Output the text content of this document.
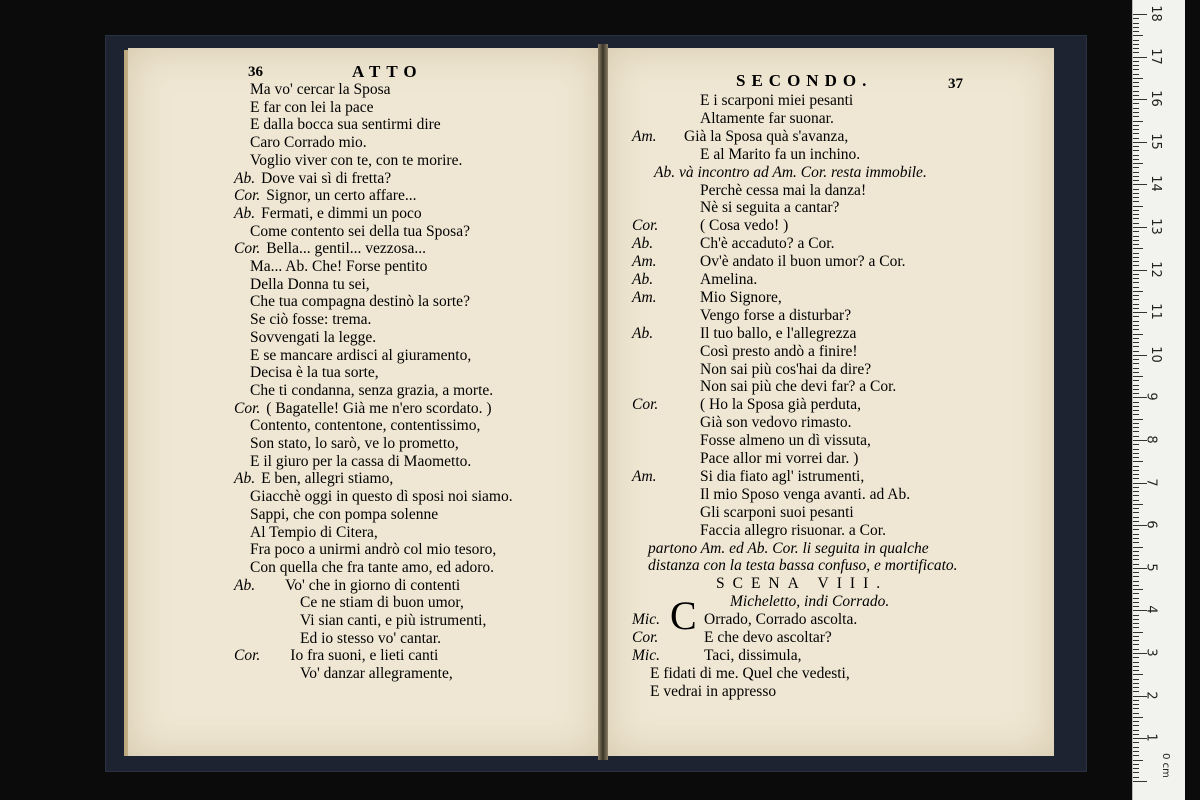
36	ATTO	SECONDO.	37
Ma vo' cercar la Sposa
E far con lei la pace
E dalla bocca sua sentirmi dire
Caro Corrado mio.
Voglio viver con te, con te morire.
Ab. Dove vai sì di fretta?
Cor. Signor, un certo affare...
Ab. Fermati, e dimmi un poco
Come contento sei della tua Sposa?
Cor. Bella... gentil... vezzosa...
Ma... Ab. Che! Forse pentito
Della Donna tu sei,
Che tua compagna destinò la sorte?
Se ciò fosse: trema.
Sovvengati la legge.
E se mancare ardisci al giuramento,
Decisa è la tua sorte,
Che ti condanna, senza grazia, a morte.
Cor. ( Bagatelle! Già me n'ero scordato. )
Contento, contentone, contentissimo,
Son stato, lo sarò, ve lo prometto,
E il giuro per la cassa di Maometto.
Ab. E ben, allegri stiamo,
Giacchè oggi in questo dì sposi noi siamo.
Sappi, che con pompa solenne
Al Tempio di Citera,
Fra poco a unirmi andrò col mio tesoro,
Con quella che fra tante amo, ed adoro.
Ab. Vo' che in giorno di contenti
Ce ne stiam di buon umor,
Vi sian canti, e più istrumenti,
Ed io stesso vo' cantar.
Cor. Io fra suoni, e lieti canti
Vo' danzar allegramente,
E i scarponi miei pesanti
Altamente far suonar.
Am. Già la Sposa quà s'avanza,
E al Marito fa un inchino.
Ab. và incontro ad Am. Cor. resta immobile.
Perchè cessa mai la danza!
Nè si seguita a cantar?
Cor.	( Cosa vedo! )
Ab.	Ch'è accaduto? a Cor.
Am.	Ov'è andato il buon umor? a Cor.
Ab.	Amelina.
Am.	Mio Signore,
Vengo forse a disturbar?
Ab.	Il tuo ballo, e l'allegrezza
Così presto andò a finire!
Non sai più cos'hai da dire?
Non sai più che devi far? a Cor.
Cor.	( Ho la Sposa già perduta,
Già son vedovo rimasto.
Fosse almeno un dì vissuta,
Pace allor mi vorrei dar. )
Am.	Si dia fiato agl' istrumenti,
Il mio Sposo venga avanti. ad Ab.
Gli scarponi suoi pesanti
Faccia allegro risuonar. a Cor.
partono Am. ed Ab. Cor. li seguita in qualche
distanza con la testa bassa confuso, e mortificato.
SCENA VIII.
Micheletto, indi Corrado.
Mic.	Orrado, Corrado ascolta.
Cor.	E che devo ascoltar?
Mic.	Taci, dissimula,
E fidati di me. Quel che vedesti,
E vedrai in appresso
C
0 cm
18
17
16
15
14
13
12
11
10
9
8
7
6
5
4
3
2
1
